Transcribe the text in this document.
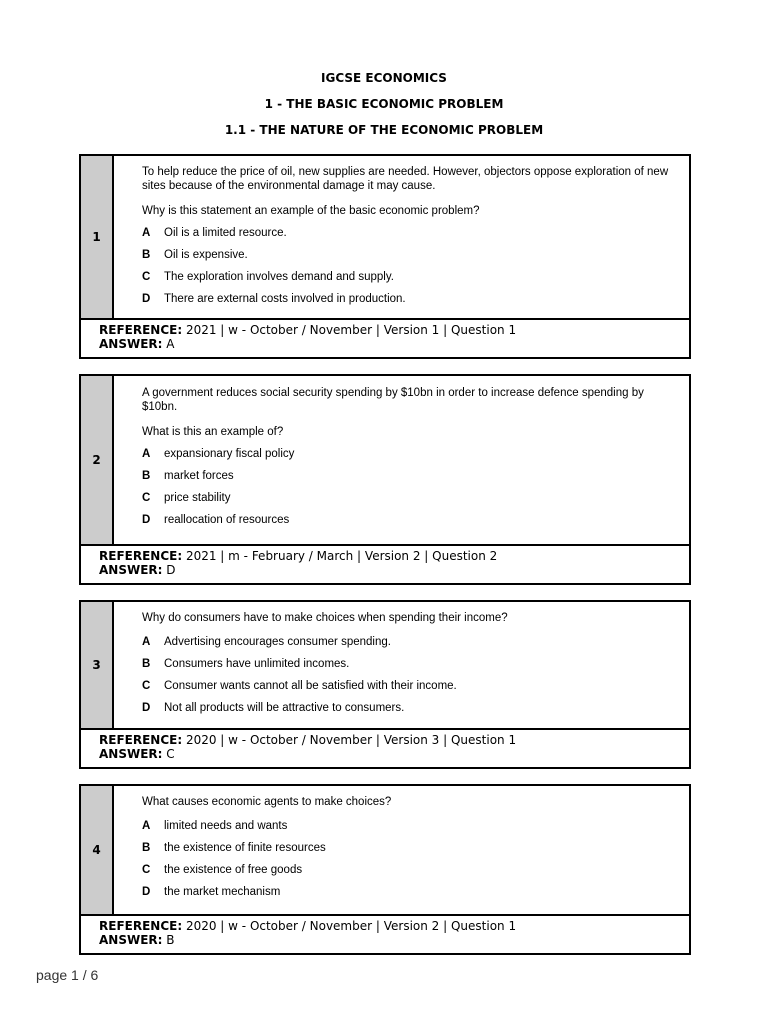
IGCSE ECONOMICS
1 - THE BASIC ECONOMIC PROBLEM
1.1 - THE NATURE OF THE ECONOMIC PROBLEM
1

To help reduce the price of oil, new supplies are needed. However, objectors oppose exploration of new sites because of the environmental damage it may cause.

Why is this statement an example of the basic economic problem?
A	Oil is a limited resource.
B	Oil is expensive.
C	The exploration involves demand and supply.
D	There are external costs involved in production.
REFERENCE: 2021 | w - October / November | Version 1 | Question 1
ANSWER: A
2

A government reduces social security spending by $10bn in order to increase defence spending by $10bn.

What is this an example of?
A	expansionary fiscal policy
B	market forces
C	price stability
D	reallocation of resources
REFERENCE: 2021 | m - February / March | Version 2 | Question 2
ANSWER: D
3

Why do consumers have to make choices when spending their income?

A	Advertising encourages consumer spending.
B	Consumers have unlimited incomes.
C	Consumer wants cannot all be satisfied with their income.
D	Not all products will be attractive to consumers.
REFERENCE: 2020 | w - October / November | Version 3 | Question 1
ANSWER: C
4

What causes economic agents to make choices?

A	limited needs and wants
B	the existence of finite resources
C	the existence of free goods
D	the market mechanism
REFERENCE: 2020 | w - October / November | Version 2 | Question 1
ANSWER: B
page 1 / 6
